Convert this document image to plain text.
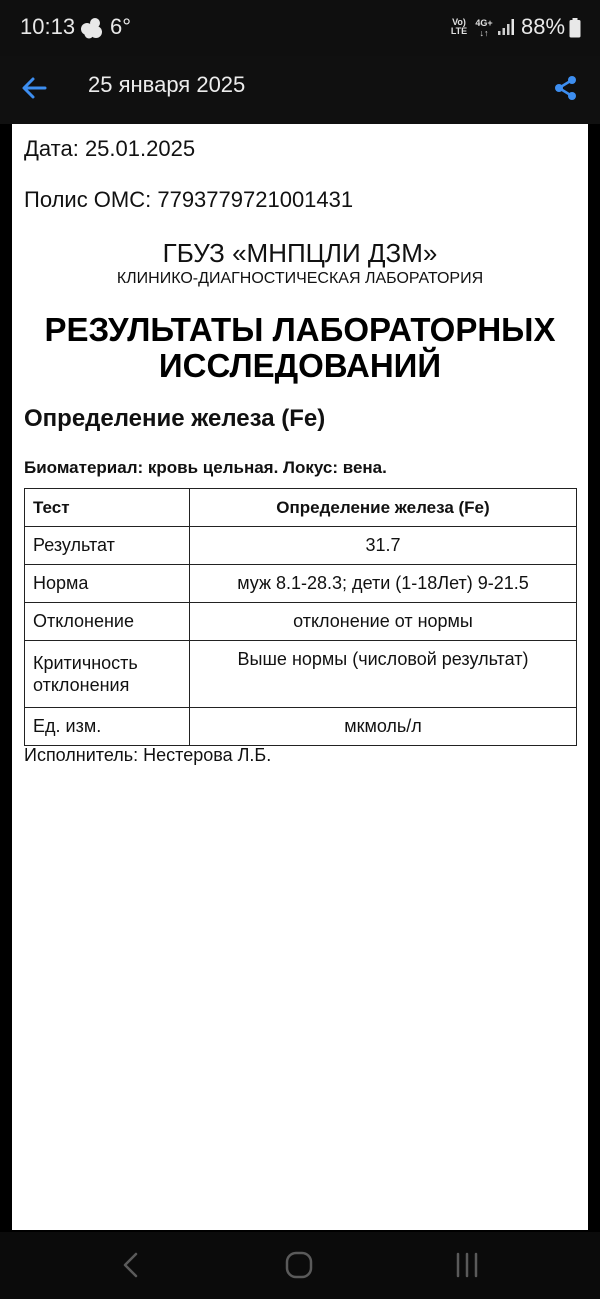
10:13 6°	Vo)
LTE
4G+
↓↑ 88%
25 января 2025
Дата: 25.01.2025
Полис ОМС: 7793779721001431
ГБУЗ «МНПЦЛИ ДЗМ»
КЛИНИКО-ДИАГНОСТИЧЕСКАЯ ЛАБОРАТОРИЯ
РЕЗУЛЬТАТЫ ЛАБОРАТОРНЫХ
ИССЛЕДОВАНИЙ
Определение железа (Fe)
Биоматериал: кровь цельная. Локус: вена.
Тест	Определение железа (Fe)
Результат	31.7
Норма	муж 8.1-28.3; дети (1-18Лет) 9-21.5
Отклонение	отклонение от нормы
Критичность отклонения	Выше нормы (числовой результат)
Ед. изм.	мкмоль/л
Исполнитель: Нестерова Л.Б.
